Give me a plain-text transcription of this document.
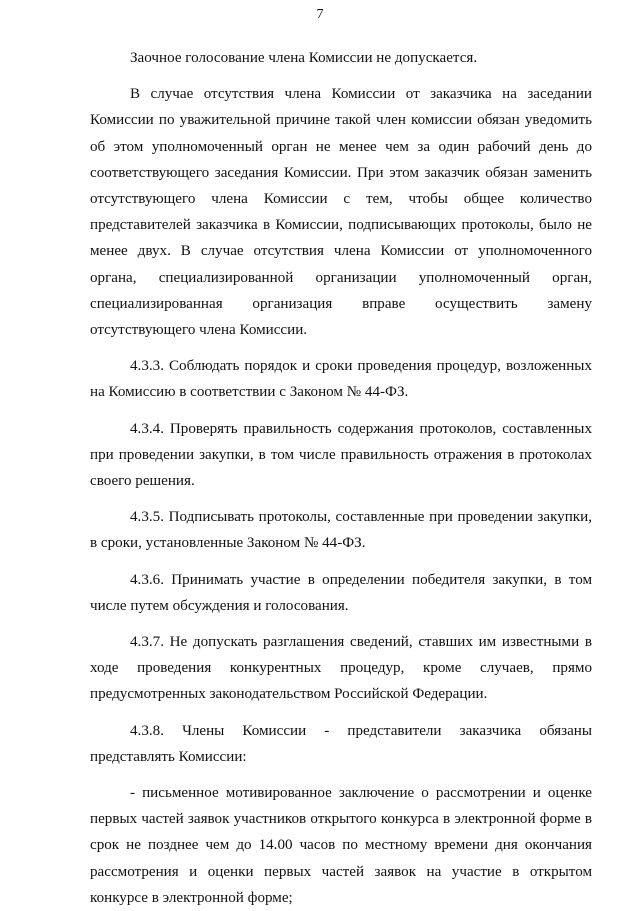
7

Заочное голосование члена Комиссии не допускается.

В случае отсутствия члена Комиссии от заказчика на заседании Комиссии по уважительной причине такой член комиссии обязан уведомить об этом уполномоченный орган не менее чем за один рабочий день до соответствующего заседания Комиссии. При этом заказчик обязан заменить отсутствующего члена Комиссии с тем, чтобы общее количество представителей заказчика в Комиссии, подписывающих протоколы, было не менее двух. В случае отсутствия члена Комиссии от уполномоченного органа, специализированной организации уполномоченный орган, специализированная организация вправе осуществить замену отсутствующего члена Комиссии.

4.3.3. Соблюдать порядок и сроки проведения процедур, возложенных на Комиссию в соответствии с Законом № 44-ФЗ.

4.3.4. Проверять правильность содержания протоколов, составленных при проведении закупки, в том числе правильность отражения в протоколах своего решения.

4.3.5. Подписывать протоколы, составленные при проведении закупки, в сроки, установленные Законом № 44-ФЗ.

4.3.6. Принимать участие в определении победителя закупки, в том числе путем обсуждения и голосования.

4.3.7. Не допускать разглашения сведений, ставших им известными в ходе проведения конкурентных процедур, кроме случаев, прямо предусмотренных законодательством Российской Федерации.

4.3.8. Члены Комиссии - представители заказчика обязаны представлять Комиссии:

- письменное мотивированное заключение о рассмотрении и оценке первых частей заявок участников открытого конкурса в электронной форме в срок не позднее чем до 14.00 часов по местному времени дня окончания рассмотрения и оценки первых частей заявок на участие в открытом конкурсе в электронной форме;
